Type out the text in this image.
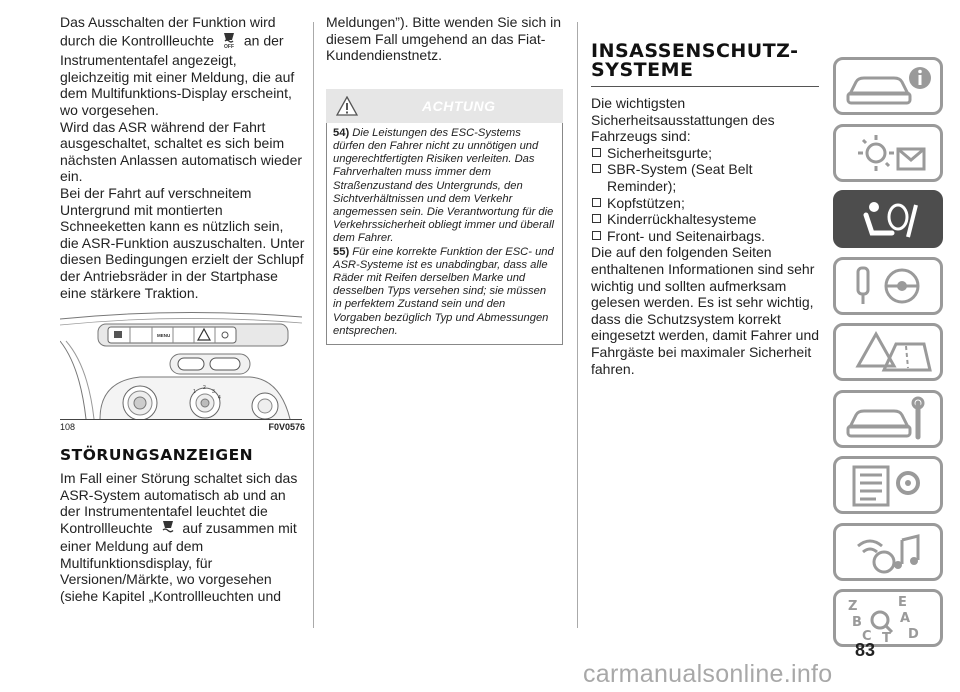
Das Ausschalten der Funktion wird
durch die Kontrollleuchte OFF an der Instrumententafel angezeigt, gleichzeitig mit einer Meldung, die auf dem Multifunktions-Display erscheint, wo vorgesehen.

Wird das ASR während der Fahrt ausgeschaltet, schaltet es sich beim nächsten Anlassen automatisch wieder ein.

Bei der Fahrt auf verschneitem Untergrund mit montierten Schneeketten kann es nützlich sein, die ASR-Funktion auszuschalten. Unter diesen Bedingungen erzielt der Schlupf der Antriebsräder in der Startphase eine stärkere Traktion.

MENU
1
2
3
4
108	F0V0576
STÖRUNGSANZEIGEN

Im Fall einer Störung schaltet sich das ASR-System automatisch ab und an der Instrumententafel leuchtet die Kontrollleuchte auf zusammen mit einer Meldung auf dem Multifunktionsdisplay, für Versionen/Märkte, wo vorgesehen (siehe Kapitel „Kontrollleuchten und

Meldungen”). Bitte wenden Sie sich in diesem Fall umgehend an das Fiat-Kundendienstnetz.

ACHTUNG
54) Die Leistungen des ESC-Systems dürfen den Fahrer nicht zu unnötigen und ungerechtfertigten Risiken verleiten. Das Fahrverhalten muss immer dem Straßenzustand des Untergrunds, den Sichtverhältnissen und dem Verkehr angemessen sein. Die Verantwortung für die Verkehrssicherheit obliegt immer und überall dem Fahrer.
55) Für eine korrekte Funktion der ESC- und ASR-Systeme ist es unabdingbar, dass alle Räder mit Reifen derselben Marke und desselben Typs versehen sind; sie müssen in perfektem Zustand sein und den Vorgaben bezüglich Typ und Abmessungen entsprechen.
INSASSENSCHUTZ-
SYSTEME

Die wichtigsten Sicherheitsausstattungen des Fahrzeugs sind:

Sicherheitsgurte;
SBR-System (Seat Belt Reminder);
Kopfstützen;
Kinderrückhaltesysteme
Front- und Seitenairbags.

Die auf den folgenden Seiten enthaltenen Informationen sind sehr wichtig und sollten aufmerksam gelesen werden. Es ist sehr wichtig, dass die Schutzsystem korrekt eingesetzt werden, damit Fahrer und Fahrgäste bei maximaler Sicherheit fahren.

Z	E
A
B
C T D
83
carmanualsonline.info
